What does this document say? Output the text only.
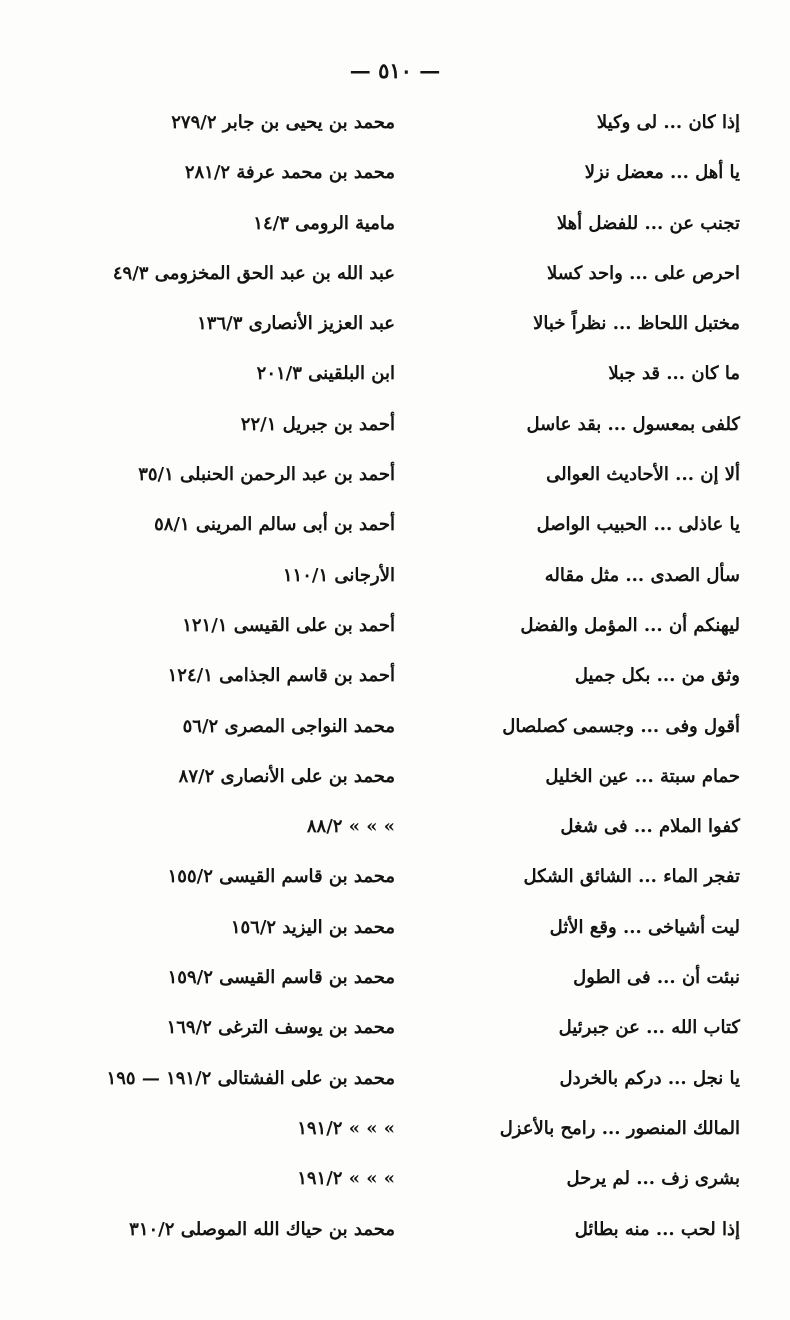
— ٥١٠ —
إذا كان ... لى وكيلا
محمد بن يحيى بن جابر ٢٧٩/٢
يا أهل ... معضل نزلا
محمد بن محمد عرفة ٢٨١/٢
تجنب عن ... للفضل أهلا
مامية الرومى ١٤/٣
احرص على ... واحد كسلا
عبد الله بن عبد الحق المخزومى ٤٩/٣
مختبل اللحاظ ... نظراً خبالا
عبد العزيز الأنصارى ١٣٦/٣
ما كان ... قد جبلا
ابن البلقينى ٢٠١/٣
كلفى بمعسول ... بقد عاسل
أحمد بن جبريل ٢٢/١
ألا إن ... الأحاديث العوالى
أحمد بن عبد الرحمن الحنبلى ٣٥/١
يا عاذلى ... الحبيب الواصل
أحمد بن أبى سالم المرينى ٥٨/١
سأل الصدى ... مثل مقاله
الأرجانى ١١٠/١
ليهنكم أن ... المؤمل والفضل
أحمد بن على القيسى ١٢١/١
وثق من ... بكل جميل
أحمد بن قاسم الجذامى ١٢٤/١
أقول وفى ... وجسمى كصلصال
محمد النواجى المصرى ٥٦/٢
حمام سبتة ... عين الخليل
محمد بن على الأنصارى ٨٧/٢
كفوا الملام ... فى شغل
» » » ٨٨/٢
تفجر الماء ... الشائق الشكل
محمد بن قاسم القيسى ١٥٥/٢
ليت أشياخى ... وقع الأثل
محمد بن اليزيد ١٥٦/٢
نبئت أن ... فى الطول
محمد بن قاسم القيسى ١٥٩/٢
كتاب الله ... عن جبرئيل
محمد بن يوسف الترغى ١٦٩/٢
يا نجل ... دركم بالخردل
محمد بن على الفشتالى ١٩١/٢ — ١٩٥
المالك المنصور ... رامح بالأعزل
» » » ١٩١/٢
بشرى زف ... لم يرحل
» » » ١٩١/٢
إذا لحب ... منه بطائل
محمد بن حياك الله الموصلى ٣١٠/٢
